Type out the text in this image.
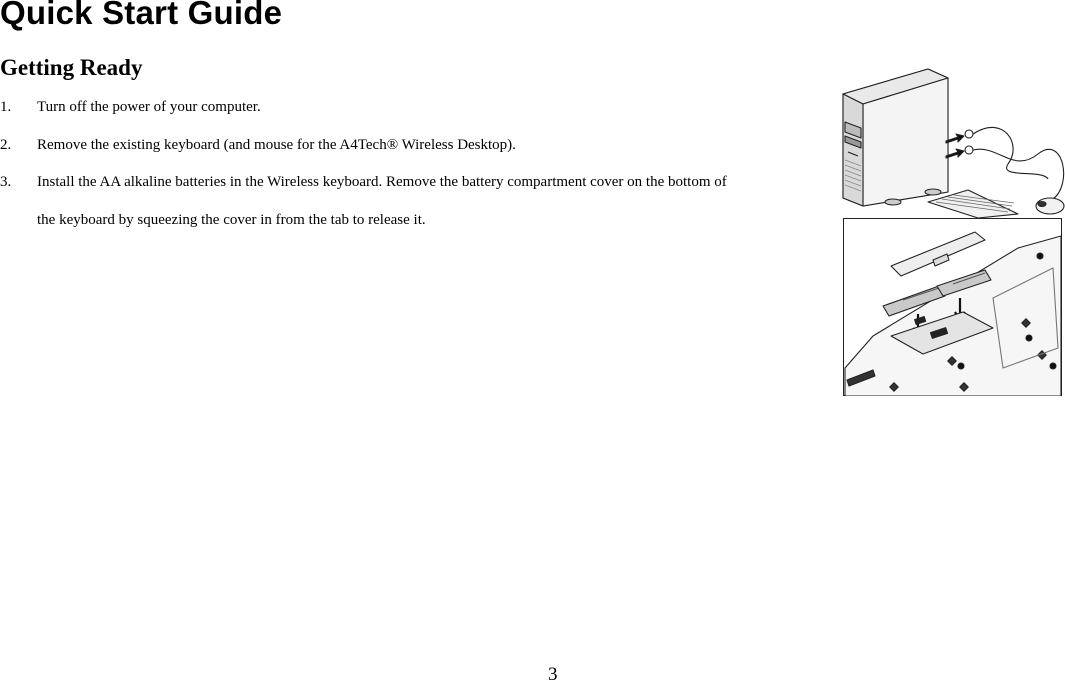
Quick Start Guide
Getting Ready
1. Turn off the power of your computer.
2. Remove the existing keyboard (and mouse for the A4Tech® Wireless Desktop).
3. Install the AA alkaline batteries in the Wireless keyboard. Remove the battery compartment cover on the bottom of
the keyboard by squeezing the cover in from the tab to release it.
3
